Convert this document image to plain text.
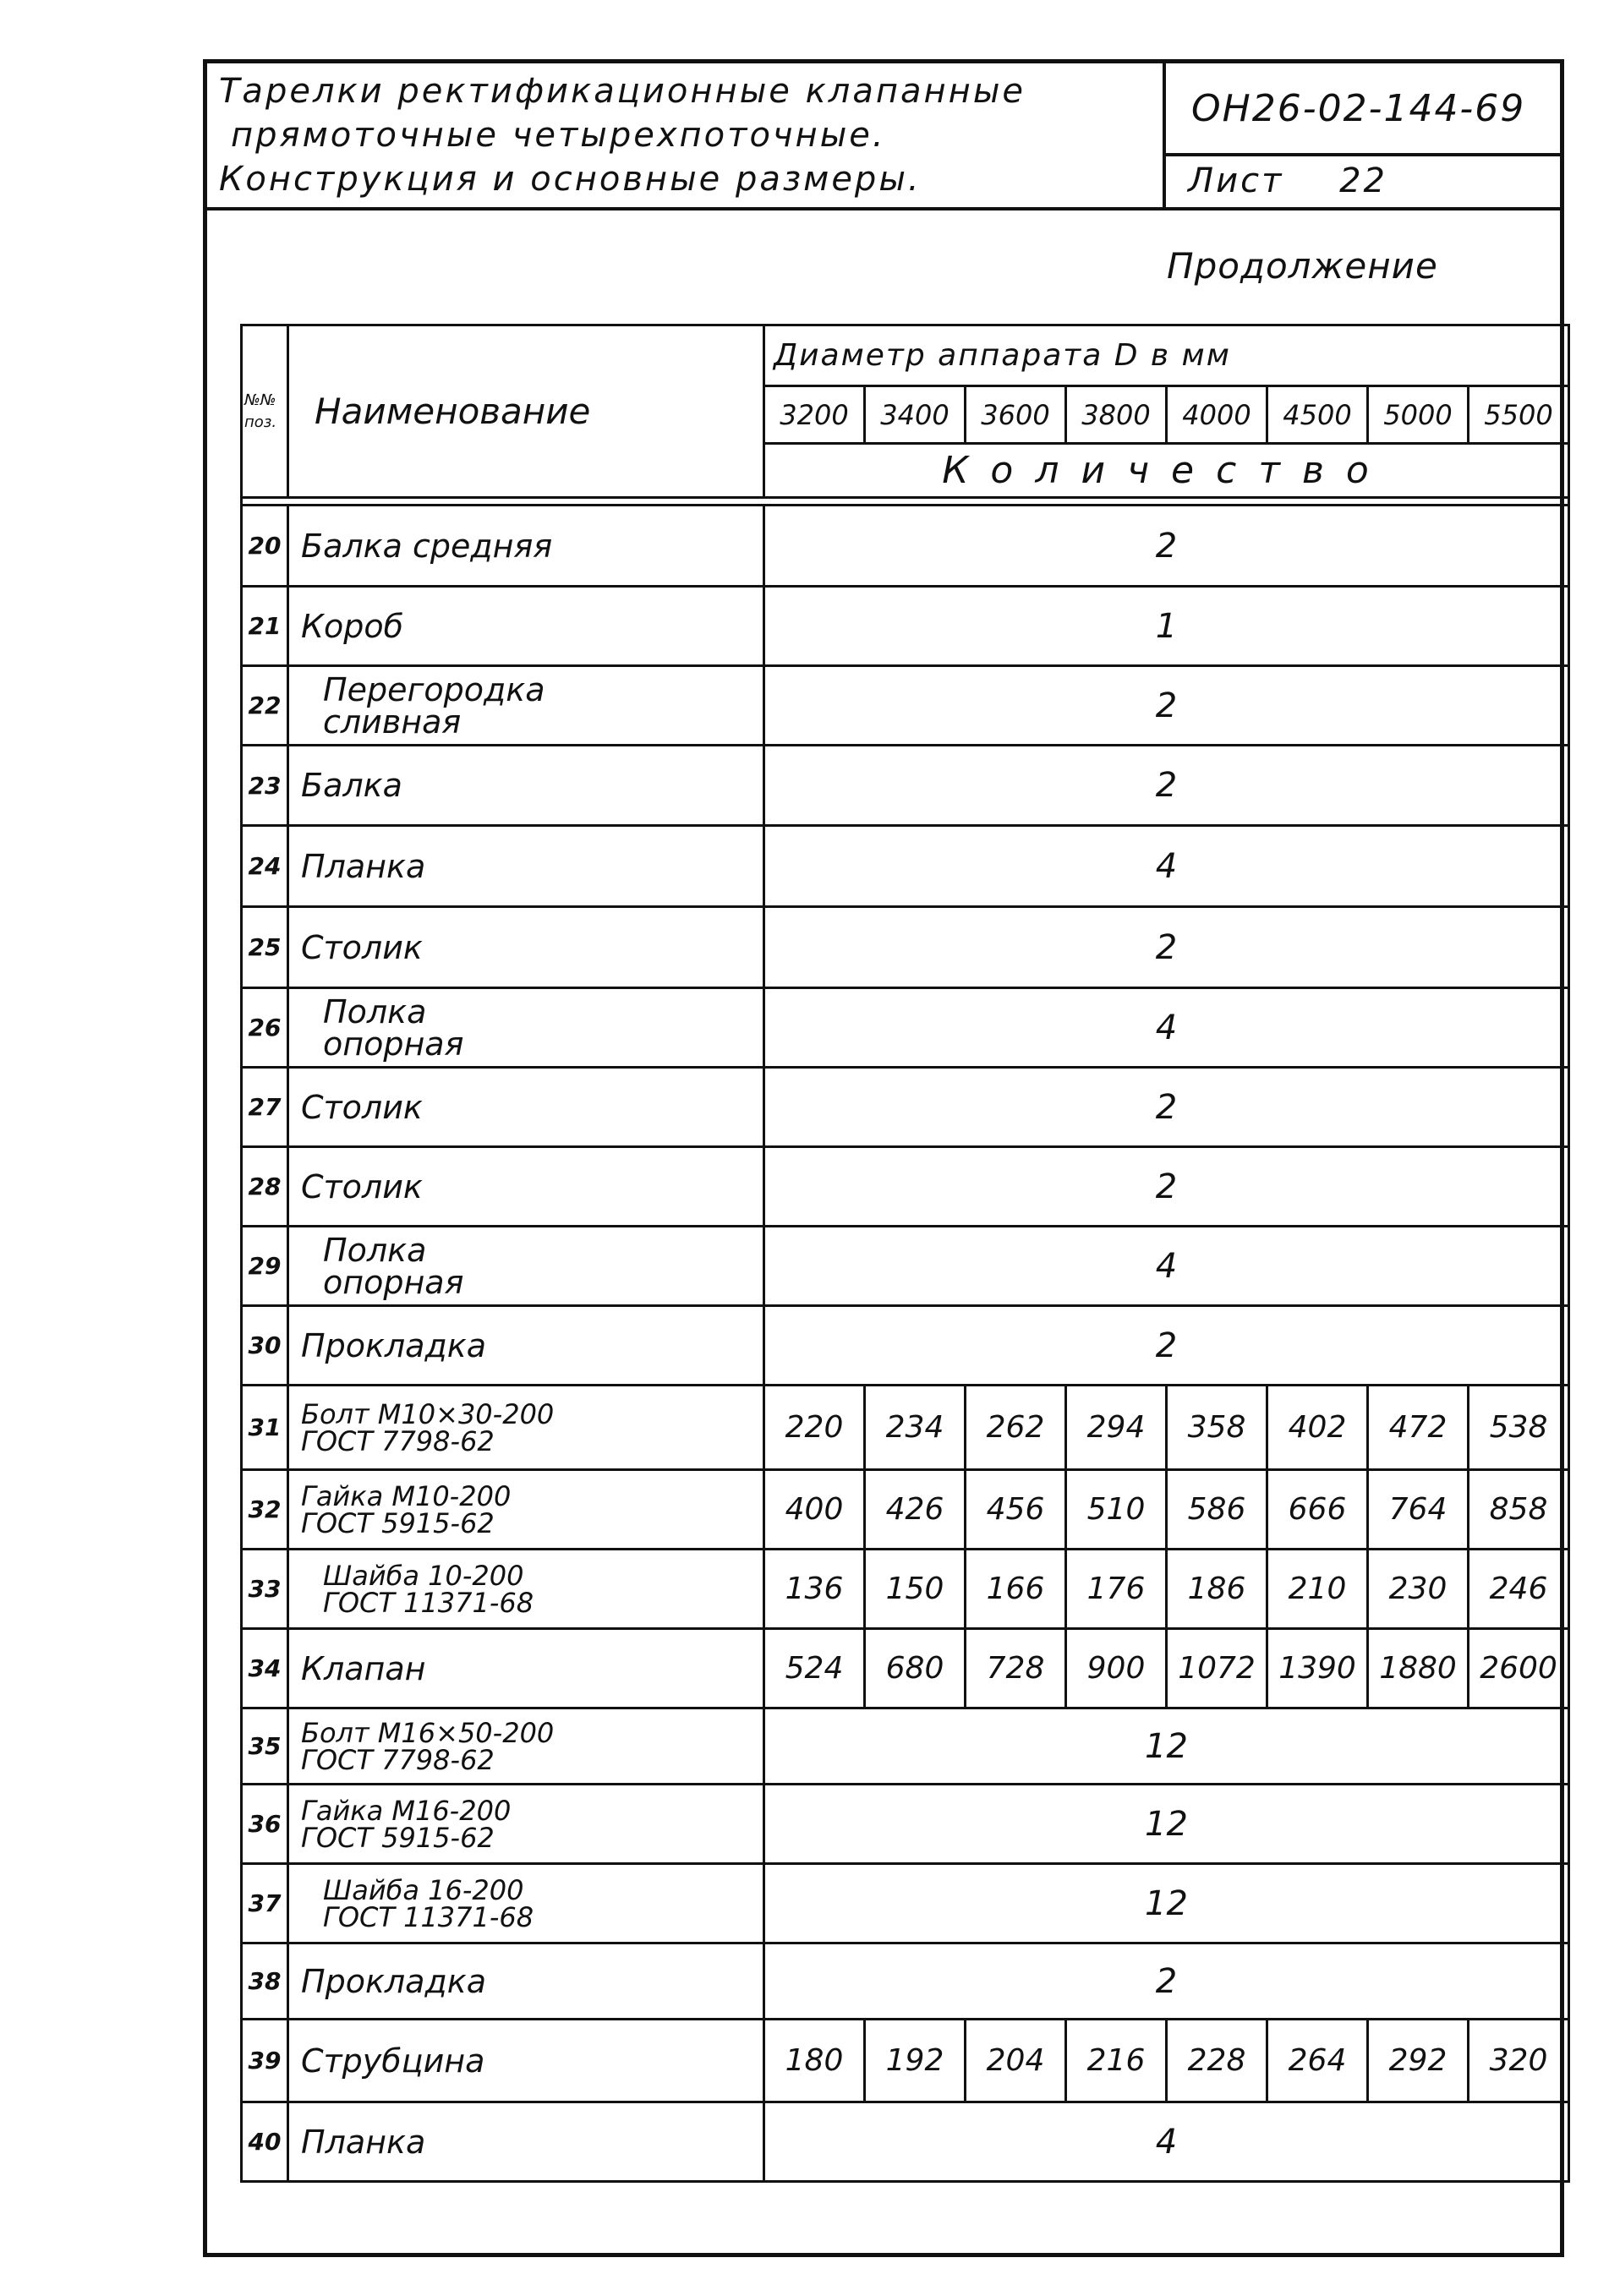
Тарелки ректификационные клапанные
прямоточные четырехпоточные.
Конструкция и основные размеры.
ОН26-02-144-69
Лист 22
Продолжение
№№ поз.	Наименование	Диаметр аппарата D в мм							
		3200	3400	3600	3800	4000	4500	5000	5500
		Количество							

20	Балка средняя	2							
21	Короб	1							
22	Перегородка
сливная	2							
23	Балка	2							
24	Планка	4							
25	Столик	2							
26	Полка
опорная	4							
27	Столик	2							
28	Столик	2							
29	Полка
опорная	4							
30	Прокладка	2							
31	Болт М10×30-200
ГОСТ 7798-62	220	234	262	294	358	402	472	538
32	Гайка М10-200
ГОСТ 5915-62	400	426	456	510	586	666	764	858
33	Шайба 10-200
ГОСТ 11371-68	136	150	166	176	186	210	230	246
34	Клапан	524	680	728	900	1072	1390	1880	2600
35	Болт М16×50-200
ГОСТ 7798-62	12							
36	Гайка М16-200
ГОСТ 5915-62	12							
37	Шайба 16-200
ГОСТ 11371-68	12							
38	Прокладка	2							
39	Струбцина	180	192	204	216	228	264	292	320
40	Планка	4							
